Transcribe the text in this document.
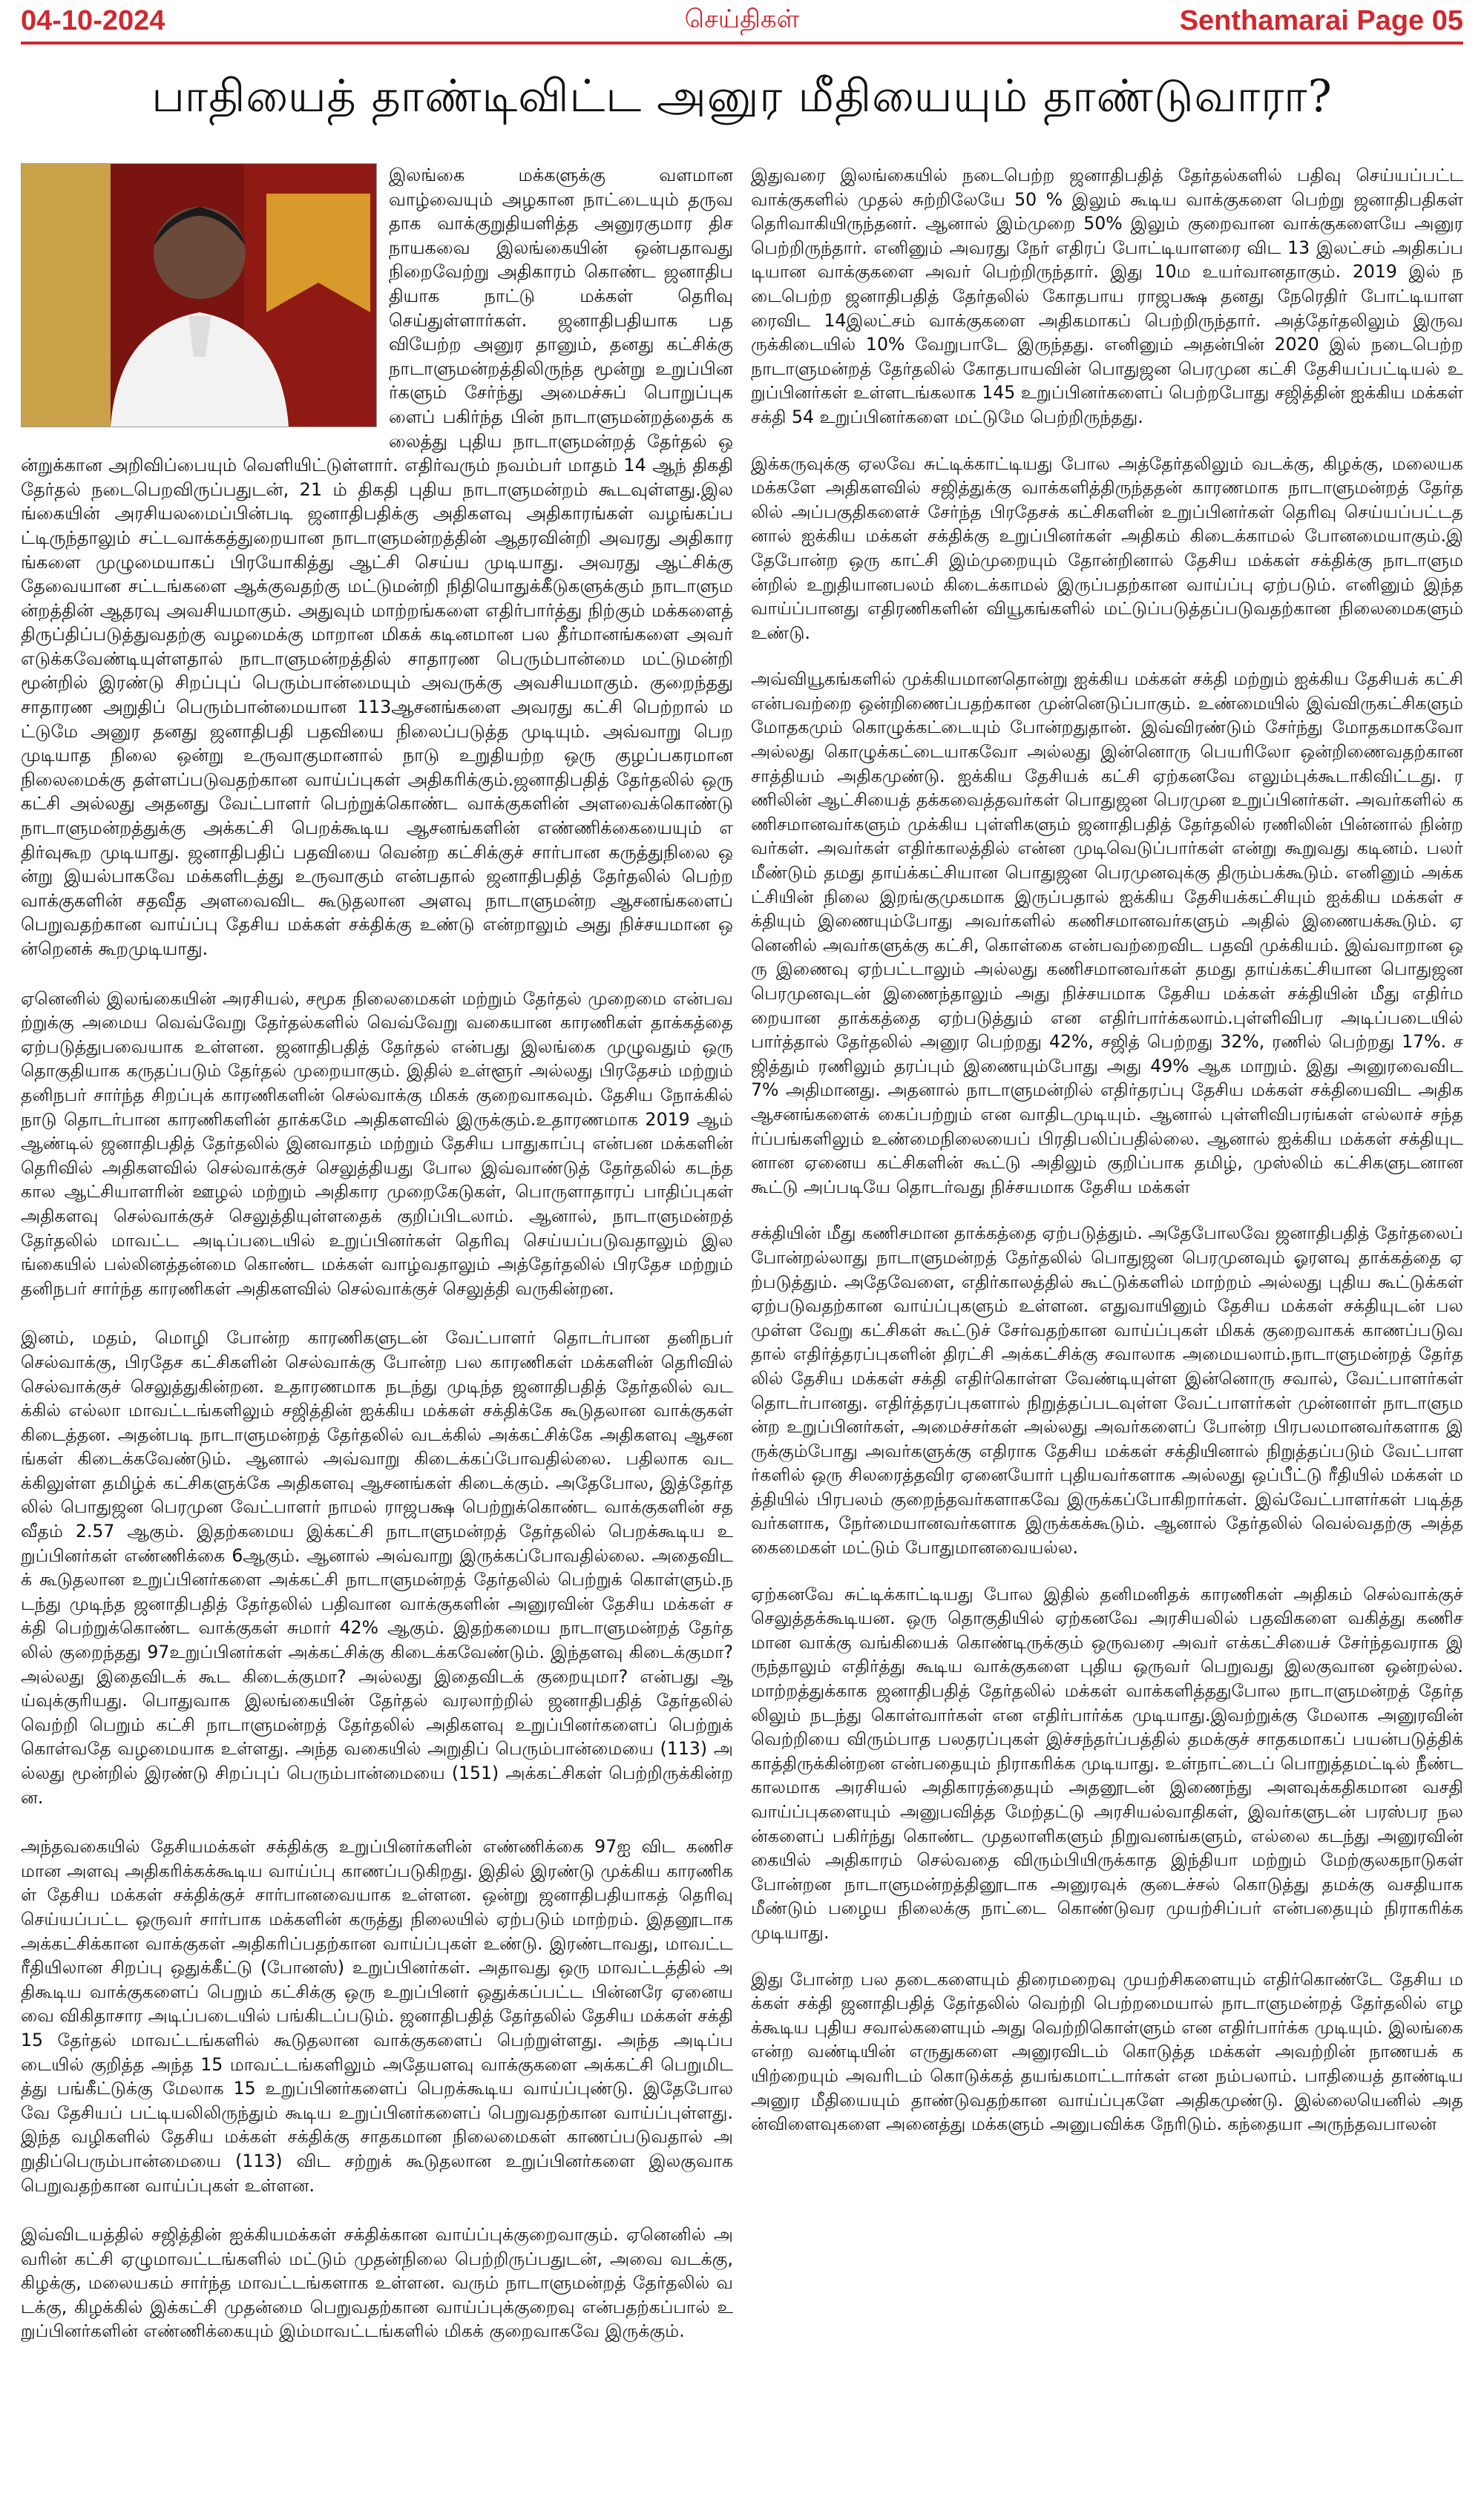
04-10-2024	செய்திகள்	Senthamarai Page 05
பாதியைத் தாண்டிவிட்ட அனுர மீதியையும் தாண்டுவாரா?

இலங்கை மக்களுக்கு வளமான வாழ்வையும் அழகான நாட்டையும் தருவதாக வாக்குறுதியளித்த அனுரகுமார திசநாயகவை இலங்கையின் ஒன்பதாவது நிறைவேற்று அதிகாரம் கொண்ட ஜனாதிபதியாக நாட்டு மக்கள் தெரிவு செய்துள்ளார்கள். ஜனாதிபதியாக பதவியேற்ற அனுர தானும், தனது கட்சிக்கு நாடாளுமன்றத்திலிருந்த மூன்று உறுப்பினர்களும் சேர்ந்து அமைச்சுப் பொறுப்புகளைப் பகிர்ந்த பின் நாடாளுமன்றத்தைக் கலைத்து புதிய நாடாளுமன்றத் தேர்தல் ஒன்றுக்கான அறிவிப்பையும் வெளியிட்டுள்ளார். எதிர்வரும் நவம்பர் மாதம் 14 ஆந் திகதி தேர்தல் நடைபெறவிருப்பதுடன், 21 ம் திகதி புதிய நாடாளுமன்றம் கூடவுள்ளது.இலங்கையின் அரசியலமைப்பின்படி ஜனாதிபதிக்கு அதிகளவு அதிகாரங்கள் வழங்கப்பட்டிருந்தாலும் சட்டவாக்கத்துறையான நாடாளுமன்றத்தின் ஆதரவின்றி அவரது அதிகாரங்களை முழுமையாகப் பிரயோகித்து ஆட்சி செய்ய முடியாது. அவரது ஆட்சிக்கு தேவையான சட்டங்களை ஆக்குவதற்கு மட்டுமன்றி நிதியொதுக்கீடுகளுக்கும் நாடாளுமன்றத்தின் ஆதரவு அவசியமாகும். அதுவும் மாற்றங்களை எதிர்பார்த்து நிற்கும் மக்களைத் திருப்திப்படுத்துவதற்கு வழமைக்கு மாறான மிகக் கடினமான பல தீர்மானங்களை அவர் எடுக்கவேண்டியுள்ளதால் நாடாளுமன்றத்தில் சாதாரண பெரும்பான்மை மட்டுமன்றி மூன்றில் இரண்டு சிறப்புப் பெரும்பான்மையும் அவருக்கு அவசியமாகும். குறைந்தது சாதாரண அறுதிப் பெரும்பான்மையான 113ஆசனங்களை அவரது கட்சி பெற்றால் மட்டுமே அனுர தனது ஜனாதிபதி பதவியை நிலைப்படுத்த முடியும். அவ்வாறு பெறமுடியாத நிலை ஒன்று உருவாகுமானால் நாடு உறுதியற்ற ஒரு குழப்பகரமான நிலைமைக்கு தள்ளப்படுவதற்கான வாய்ப்புகள் அதிகரிக்கும்.ஜனாதிபதித் தேர்தலில் ஒரு கட்சி அல்லது அதனது வேட்பாளர் பெற்றுக்கொண்ட வாக்குகளின் அளவைக்கொண்டு நாடாளுமன்றத்துக்கு அக்கட்சி பெறக்கூடிய ஆசனங்களின் எண்ணிக்கையையும் எதிர்வுகூற முடியாது. ஜனாதிபதிப் பதவியை வென்ற கட்சிக்குச் சார்பான கருத்துநிலை ஒன்று இயல்பாகவே மக்களிடத்து உருவாகும் என்பதால் ஜனாதிபதித் தேர்தலில் பெற்ற வாக்குகளின் சதவீத அளவைவிட கூடுதலான அளவு நாடாளுமன்ற ஆசனங்களைப் பெறுவதற்கான வாய்ப்பு தேசிய மக்கள் சக்திக்கு உண்டு என்றாலும் அது நிச்சயமான ஒன்றெனக் கூறமுடியாது.

ஏனெனில் இலங்கையின் அரசியல், சமூக நிலைமைகள் மற்றும் தேர்தல் முறைமை என்பவற்றுக்கு அமைய வெவ்வேறு தேர்தல்களில் வெவ்வேறு வகையான காரணிகள் தாக்கத்தை ஏற்படுத்துபவையாக உள்ளன. ஜனாதிபதித் தேர்தல் என்பது இலங்கை முழுவதும் ஒரு தொகுதியாக கருதப்படும் தேர்தல் முறையாகும். இதில் உள்ளூர் அல்லது பிரதேசம் மற்றும் தனிநபர் சார்ந்த சிறப்புக் காரணிகளின் செல்வாக்கு மிகக் குறைவாகவும். தேசிய நோக்கில் நாடு தொடர்பான காரணிகளின் தாக்கமே அதிகளவில் இருக்கும்.உதாரணமாக 2019 ஆம் ஆண்டில் ஜனாதிபதித் தேர்தலில் இனவாதம் மற்றும் தேசிய பாதுகாப்பு என்பன மக்களின் தெரிவில் அதிகளவில் செல்வாக்குச் செலுத்தியது போல இவ்வாண்டுத் தேர்தலில் கடந்த கால ஆட்சியாளரின் ஊழல் மற்றும் அதிகார முறைகேடுகள், பொருளாதாரப் பாதிப்புகள் அதிகளவு செல்வாக்குச் செலுத்தியுள்ளதைக் குறிப்பிடலாம். ஆனால், நாடாளுமன்றத் தேர்தலில் மாவட்ட அடிப்படையில் உறுப்பினர்கள் தெரிவு செய்யப்படுவதாலும் இலங்கையில் பல்லினத்தன்மை கொண்ட மக்கள் வாழ்வதாலும் அத்தேர்தலில் பிரதேச மற்றும் தனிநபர் சார்ந்த காரணிகள் அதிகளவில் செல்வாக்குச் செலுத்தி வருகின்றன.

இனம், மதம், மொழி போன்ற காரணிகளுடன் வேட்பாளர் தொடர்பான தனிநபர் செல்வாக்கு, பிரதேச கட்சிகளின் செல்வாக்கு போன்ற பல காரணிகள் மக்களின் தெரிவில் செல்வாக்குச் செலுத்துகின்றன. உதாரணமாக நடந்து முடிந்த ஜனாதிபதித் தேர்தலில் வடக்கில் எல்லா மாவட்டங்களிலும் சஜித்தின் ஐக்கிய மக்கள் சக்திக்கே கூடுதலான வாக்குகள் கிடைத்தன. அதன்படி நாடாளுமன்றத் தேர்தலில் வடக்கில் அக்கட்சிக்கே அதிகளவு ஆசனங்கள் கிடைக்கவேண்டும். ஆனால் அவ்வாறு கிடைக்கப்போவதில்லை. பதிலாக வடக்கிலுள்ள தமிழ்க் கட்சிகளுக்கே அதிகளவு ஆசனங்கள் கிடைக்கும். அதேபோல, இத்தேர்தலில் பொதுஜன பெரமுன வேட்பாளர் நாமல் ராஜபக்ஷ பெற்றுக்கொண்ட வாக்குகளின் சதவீதம் 2.57 ஆகும். இதற்கமைய இக்கட்சி நாடாளுமன்றத் தேர்தலில் பெறக்கூடிய உறுப்பினர்கள் எண்ணிக்கை 6ஆகும். ஆனால் அவ்வாறு இருக்கப்போவதில்லை. அதைவிடக் கூடுதலான உறுப்பினர்களை அக்கட்சி நாடாளுமன்றத் தேர்தலில் பெற்றுக் கொள்ளும்.நடந்து முடிந்த ஜனாதிபதித் தேர்தலில் பதிவான வாக்குகளின் அனுரவின் தேசிய மக்கள் சக்தி பெற்றுக்கொண்ட வாக்குகள் சுமார் 42% ஆகும். இதற்கமைய நாடாளுமன்றத் தேர்தலில் குறைந்தது 97உறுப்பினர்கள் அக்கட்சிக்கு கிடைக்கவேண்டும். இந்தளவு கிடைக்குமா? அல்லது இதைவிடக் கூட கிடைக்குமா? அல்லது இதைவிடக் குறையுமா? என்பது ஆய்வுக்குரியது. பொதுவாக இலங்கையின் தேர்தல் வரலாற்றில் ஜனாதிபதித் தேர்தலில் வெற்றி பெறும் கட்சி நாடாளுமன்றத் தேர்தலில் அதிகளவு உறுப்பினர்களைப் பெற்றுக் கொள்வதே வழமையாக உள்ளது. அந்த வகையில் அறுதிப் பெரும்பான்மையை (113) அல்லது மூன்றில் இரண்டு சிறப்புப் பெரும்பான்மையை (151) அக்கட்சிகள் பெற்றிருக்கின்றன.

அந்தவகையில் தேசியமக்கள் சக்திக்கு உறுப்பினர்களின் எண்ணிக்கை 97ஐ விட கணிசமான அளவு அதிகரிக்கக்கூடிய வாய்ப்பு காணப்படுகிறது. இதில் இரண்டு முக்கிய காரணிகள் தேசிய மக்கள் சக்திக்குச் சார்பானவையாக உள்ளன. ஒன்று ஜனாதிபதியாகத் தெரிவு செய்யப்பட்ட ஒருவர் சார்பாக மக்களின் கருத்து நிலையில் ஏற்படும் மாற்றம். இதனூடாக அக்கட்சிக்கான வாக்குகள் அதிகரிப்பதற்கான வாய்ப்புகள் உண்டு. இரண்டாவது, மாவட்ட ரீதியிலான சிறப்பு ஒதுக்கீட்டு (போனஸ்) உறுப்பினர்கள். அதாவது ஒரு மாவட்டத்தில் அதிகூடிய வாக்குகளைப் பெறும் கட்சிக்கு ஒரு உறுப்பினர் ஒதுக்கப்பட்ட பின்னரே ஏனையவை விகிதாசார அடிப்படையில் பங்கிடப்படும். ஜனாதிபதித் தேர்தலில் தேசிய மக்கள் சக்தி 15 தேர்தல் மாவட்டங்களில் கூடுதலான வாக்குகளைப் பெற்றுள்ளது. அந்த அடிப்படையில் குறித்த அந்த 15 மாவட்டங்களிலும் அதேயளவு வாக்குகளை அக்கட்சி பெறுமிடத்து பங்கீட்டுக்கு மேலாக 15 உறுப்பினர்களைப் பெறக்கூடிய வாய்ப்புண்டு. இதேபோலவே தேசியப் பட்டியலிலிருந்தும் கூடிய உறுப்பினர்களைப் பெறுவதற்கான வாய்ப்புள்ளது. இந்த வழிகளில் தேசிய மக்கள் சக்திக்கு சாதகமான நிலைமைகள் காணப்படுவதால் அறுதிப்பெரும்பான்மையை (113) விட சற்றுக் கூடுதலான உறுப்பினர்களை இலகுவாக பெறுவதற்கான வாய்ப்புகள் உள்ளன.

இவ்விடயத்தில் சஜித்தின் ஐக்கியமக்கள் சக்திக்கான வாய்ப்புக்குறைவாகும். ஏனெனில் அவரின் கட்சி ஏழுமாவட்டங்களில் மட்டும் முதன்நிலை பெற்றிருப்பதுடன், அவை வடக்கு, கிழக்கு, மலையகம் சார்ந்த மாவட்டங்களாக உள்ளன. வரும் நாடாளுமன்றத் தேர்தலில் வடக்கு, கிழக்கில் இக்கட்சி முதன்மை பெறுவதற்கான வாய்ப்புக்குறைவு என்பதற்கப்பால் உறுப்பினர்களின் எண்ணிக்கையும் இம்மாவட்டங்களில் மிகக் குறைவாகவே இருக்கும்.

இதுவரை இலங்கையில் நடைபெற்ற ஜனாதிபதித் தேர்தல்களில் பதிவு செய்யப்பட்ட வாக்குகளில் முதல் சுற்றிலேயே 50 % இலும் கூடிய வாக்குகளை பெற்று ஜனாதிபதிகள் தெரிவாகியிருந்தனர். ஆனால் இம்முறை 50% இலும் குறைவான வாக்குகளையே அனுர பெற்றிருந்தார். எனினும் அவரது நேர் எதிரப் போட்டியாளரை விட 13 இலட்சம் அதிகப்படியான வாக்குகளை அவர் பெற்றிருந்தார். இது 10ம உயர்வானதாகும். 2019 இல் நடைபெற்ற ஜனாதிபதித் தேர்தலில் கோதபாய ராஜபக்ஷ தனது நேரெதிர் போட்டியாளரைவிட 14இலட்சம் வாக்குகளை அதிகமாகப் பெற்றிருந்தார். அத்தேர்தலிலும் இருவருக்கிடையில் 10% வேறுபாடே இருந்தது. எனினும் அதன்பின் 2020 இல் நடைபெற்ற நாடாளுமன்றத் தேர்தலில் கோதபாயவின் பொதுஜன பெரமுன கட்சி தேசியப்பட்டியல் உறுப்பினர்கள் உள்ளடங்கலாக 145 உறுப்பினர்களைப் பெற்றபோது சஜித்தின் ஐக்கிய மக்கள் சக்தி 54 உறுப்பினர்களை மட்டுமே பெற்றிருந்தது.

இக்கருவுக்கு ஏலவே சுட்டிக்காட்டியது போல அத்தேர்தலிலும் வடக்கு, கிழக்கு, மலையக மக்களே அதிகளவில் சஜித்துக்கு வாக்களித்திருந்ததன் காரணமாக நாடாளுமன்றத் தேர்தலில் அப்பகுதிகளைச் சேர்ந்த பிரதேசக் கட்சிகளின் உறுப்பினர்கள் தெரிவு செய்யப்பட்டதனால் ஐக்கிய மக்கள் சக்திக்கு உறுப்பினர்கள் அதிகம் கிடைக்காமல் போனமையாகும்.இதேபோன்ற ஒரு காட்சி இம்முறையும் தோன்றினால் தேசிய மக்கள் சக்திக்கு நாடாளுமன்றில் உறுதியானபலம் கிடைக்காமல் இருப்பதற்கான வாய்ப்பு ஏற்படும். எனினும் இந்த வாய்ப்பானது எதிரணிகளின் வியூகங்களில் மட்டுப்படுத்தப்படுவதற்கான நிலைமைகளும் உண்டு.

அவ்வியூகங்களில் முக்கியமானதொன்று ஐக்கிய மக்கள் சக்தி மற்றும் ஐக்கிய தேசியக் கட்சி என்பவற்றை ஒன்றிணைப்பதற்கான முன்னெடுப்பாகும். உண்மையில் இவ்விருகட்சிகளும் மோதகமும் கொழுக்கட்டையும் போன்றதுதான். இவ்விரண்டும் சேர்ந்து மோதகமாகவோ அல்லது கொழுக்கட்டையாகவோ அல்லது இன்னொரு பெயரிலோ ஒன்றிணைவதற்கான சாத்தியம் அதிகமுண்டு. ஐக்கிய தேசியக் கட்சி ஏற்கனவே எலும்புக்கூடாகிவிட்டது. ரணிலின் ஆட்சியைத் தக்கவைத்தவர்கள் பொதுஜன பெரமுன உறுப்பினர்கள். அவர்களில் கணிசமானவர்களும் முக்கிய புள்ளிகளும் ஜனாதிபதித் தேர்தலில் ரணிலின் பின்னால் நின்றவர்கள். அவர்கள் எதிர்காலத்தில் என்ன முடிவெடுப்பார்கள் என்று கூறுவது கடினம். பலர் மீண்டும் தமது தாய்க்கட்சியான பொதுஜன பெரமுனவுக்கு திரும்பக்கூடும். எனினும் அக்கட்சியின் நிலை இறங்குமுகமாக இருப்பதால் ஐக்கிய தேசியக்கட்சியும் ஐக்கிய மக்கள் சக்தியும் இணையும்போது அவர்களில் கணிசமானவர்களும் அதில் இணையக்கூடும். ஏனெனில் அவர்களுக்கு கட்சி, கொள்கை என்பவற்றைவிட பதவி முக்கியம். இவ்வாறான ஒரு இணைவு ஏற்பட்டாலும் அல்லது கணிசமானவர்கள் தமது தாய்க்கட்சியான பொதுஜன பெரமுனவுடன் இணைந்தாலும் அது நிச்சயமாக தேசிய மக்கள் சக்தியின் மீது எதிர்மறையான தாக்கத்தை ஏற்படுத்தும் என எதிர்பார்க்கலாம்.புள்ளிவிபர அடிப்படையில் பார்த்தால் தேர்தலில் அனுர பெற்றது 42%, சஜித் பெற்றது 32%, ரணில் பெற்றது 17%. சஜித்தும் ரணிலும் தரப்பும் இணையும்போது அது 49% ஆக மாறும். இது அனுரவைவிட 7% அதிமானது. அதனால் நாடாளுமன்றில் எதிர்தரப்பு தேசிய மக்கள் சக்தியைவிட அதிகஆசனங்களைக் கைப்பற்றும் என வாதிடமுடியும். ஆனால் புள்ளிவிபரங்கள் எல்லாச் சந்தர்ப்பங்களிலும் உண்மைநிலையைப் பிரதிபலிப்பதில்லை. ஆனால் ஐக்கிய மக்கள் சக்தியுடனான ஏனைய கட்சிகளின் கூட்டு அதிலும் குறிப்பாக தமிழ், முஸ்லிம் கட்சிகளுடனான கூட்டு அப்படியே தொடர்வது நிச்சயமாக தேசிய மக்கள்

சக்தியின் மீது கணிசமான தாக்கத்தை ஏற்படுத்தும். அதேபோலவே ஜனாதிபதித் தேர்தலைப் போன்றல்லாது நாடாளுமன்றத் தேர்தலில் பொதுஜன பெரமுனவும் ஓரளவு தாக்கத்தை ஏற்படுத்தும். அதேவேளை, எதிர்காலத்தில் கூட்டுக்களில் மாற்றம் அல்லது புதிய கூட்டுக்கள் ஏற்படுவதற்கான வாய்ப்புகளும் உள்ளன. எதுவாயினும் தேசிய மக்கள் சக்தியுடன் பலமுள்ள வேறு கட்சிகள் கூட்டுச் சேர்வதற்கான வாய்ப்புகள் மிகக் குறைவாகக் காணப்படுவதால் எதிர்த்தரப்புகளின் திரட்சி அக்கட்சிக்கு சவாலாக அமையலாம்.நாடாளுமன்றத் தேர்தலில் தேசிய மக்கள் சக்தி எதிர்கொள்ள வேண்டியுள்ள இன்னொரு சவால், வேட்பாளர்கள் தொடர்பானது. எதிர்த்தரப்புகளால் நிறுத்தப்படவுள்ள வேட்பாளர்கள் முன்னாள் நாடாளுமன்ற உறுப்பினர்கள், அமைச்சர்கள் அல்லது அவர்களைப் போன்ற பிரபலமானவர்களாக இருக்கும்போது அவர்களுக்கு எதிராக தேசிய மக்கள் சக்தியினால் நிறுத்தப்படும் வேட்பாளர்களில் ஒரு சிலரைத்தவிர ஏனையோர் புதியவர்களாக அல்லது ஒப்பீட்டு ரீதியில் மக்கள் மத்தியில் பிரபலம் குறைந்தவர்களாகவே இருக்கப்போகிறார்கள். இவ்வேட்பாளர்கள் படித்தவர்களாக, நேர்மையானவர்களாக இருக்கக்கூடும். ஆனால் தேர்தலில் வெல்வதற்கு அத்தகைமைகள் மட்டும் போதுமானவையல்ல.

ஏற்கனவே சுட்டிக்காட்டியது போல இதில் தனிமனிதக் காரணிகள் அதிகம் செல்வாக்குச் செலுத்தக்கூடியன. ஒரு தொகுதியில் ஏற்கனவே அரசியலில் பதவிகளை வகித்து கணிசமான வாக்கு வங்கியைக் கொண்டிருக்கும் ஒருவரை அவர் எக்கட்சியைச் சேர்ந்தவராக இருந்தாலும் எதிர்த்து கூடிய வாக்குகளை புதிய ஒருவர் பெறுவது இலகுவான ஒன்றல்ல. மாற்றத்துக்காக ஜனாதிபதித் தேர்தலில் மக்கள் வாக்களித்ததுபோல நாடாளுமன்றத் தேர்தலிலும் நடந்து கொள்வார்கள் என எதிர்பார்க்க முடியாது.இவற்றுக்கு மேலாக அனுரவின் வெற்றியை விரும்பாத பலதரப்புகள் இச்சந்தர்ப்பத்தில் தமக்குச் சாதகமாகப் பயன்படுத்திக் காத்திருக்கின்றன என்பதையும் நிராகரிக்க முடியாது. உள்நாட்டைப் பொறுத்தமட்டில் நீண்டகாலமாக அரசியல் அதிகாரத்தையும் அதனூடன் இணைந்து அளவுக்கதிகமான வசதி வாய்ப்புகளையும் அனுபவித்த மேற்தட்டு அரசியல்வாதிகள், இவர்களுடன் பரஸ்பர நலன்களைப் பகிர்ந்து கொண்ட முதலாளிகளும் நிறுவனங்களும், எல்லை கடந்து அனுரவின் கையில் அதிகாரம் செல்வதை விரும்பியிருக்காத இந்தியா மற்றும் மேற்குலகநாடுகள் போன்றன நாடாளுமன்றத்தினூடாக அனுரவுக் குடைச்சல் கொடுத்து தமக்கு வசதியாக மீண்டும் பழைய நிலைக்கு நாட்டை கொண்டுவர முயற்சிப்பர் என்பதையும் நிராகரிக்க முடியாது.

இது போன்ற பல தடைகளையும் திரைமறைவு முயற்சிகளையும் எதிர்கொண்டே தேசிய மக்கள் சக்தி ஜனாதிபதித் தேர்தலில் வெற்றி பெற்றமையால் நாடாளுமன்றத் தேர்தலில் எழக்கூடிய புதிய சவால்களையும் அது வெற்றிகொள்ளும் என எதிர்பார்க்க முடியும். இலங்கை என்ற வண்டியின் எருதுகளை அனுரவிடம் கொடுத்த மக்கள் அவற்றின் நாணயக் கயிற்றையும் அவரிடம் கொடுக்கத் தயங்கமாட்டார்கள் என நம்பலாம். பாதியைத் தாண்டிய அனுர மீதியையும் தாண்டுவதற்கான வாய்ப்புகளே அதிகமுண்டு. இல்லையெனில் அதன்விளைவுகளை அனைத்து மக்களும் அனுபவிக்க நேரிடும். கந்தையா அருந்தவபாலன்
